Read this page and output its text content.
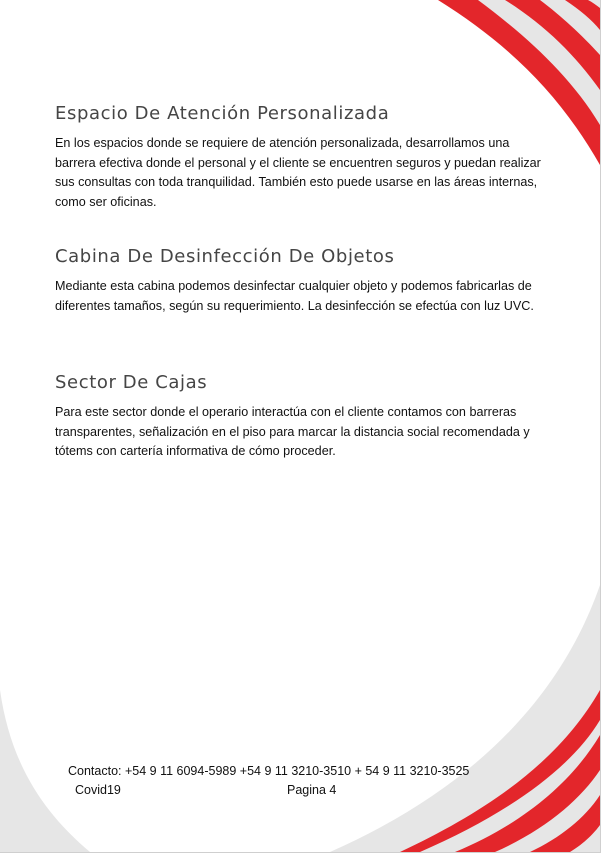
Espacio De Atención Personalizada

En los espacios donde se requiere de atención personalizada, desarrollamos una barrera efectiva donde el personal y el cliente se encuentren seguros y puedan realizar sus consultas con toda tranquilidad. También esto puede usarse en las áreas internas, como ser oficinas.

Cabina De Desinfección De Objetos

Mediante esta cabina podemos desinfectar cualquier objeto y podemos fabricarlas de diferentes tamaños, según su requerimiento. La desinfección se efectúa con luz UVC.

Sector De Cajas

Para este sector donde el operario interactúa con el cliente contamos con barreras transparentes, señalización en el piso para marcar la distancia social recomendada y tótems con cartería informativa de cómo proceder.

Contacto: +54 9 11 6094-5989 +54 9 11 3210-3510 + 54 9 11 3210-3525
Covid19	Pagina 4
